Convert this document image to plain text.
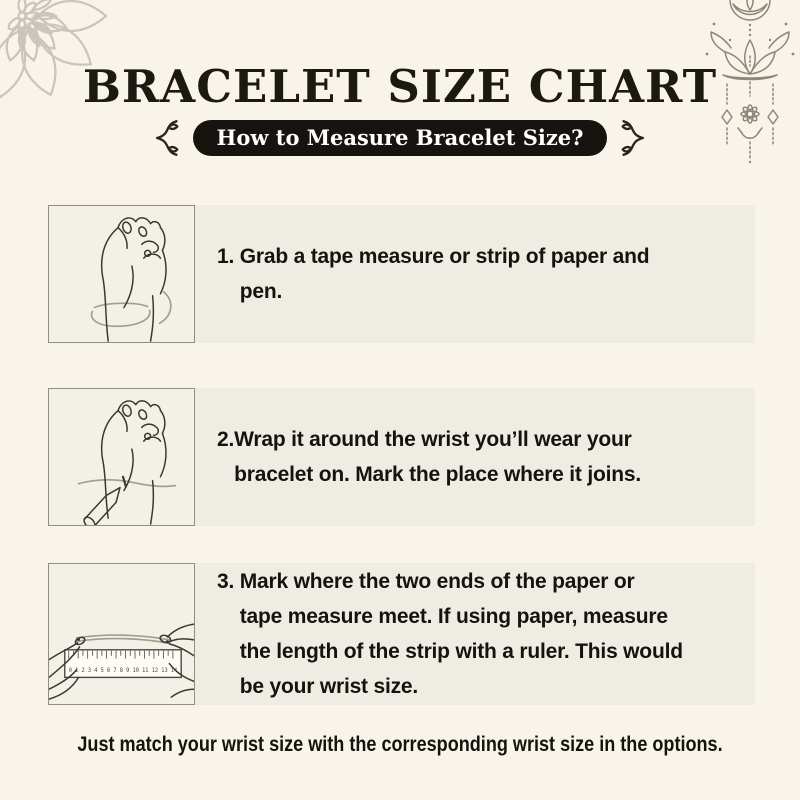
BRACELET SIZE CHART
How to Measure Bracelet Size?
1. Grab a tape measure or strip of paper and
pen.
2. Wrap it around the wrist you’ll wear your
bracelet on. Mark the place where it joins.
0 1 2 3 4 5 6 7 8 9 10 11 12 13 14
3. Mark where the two ends of the paper or
tape measure meet. If using paper, measure
the length of the strip with a ruler. This would
be your wrist size.
Just match your wrist size with the corresponding wrist size in the options.
